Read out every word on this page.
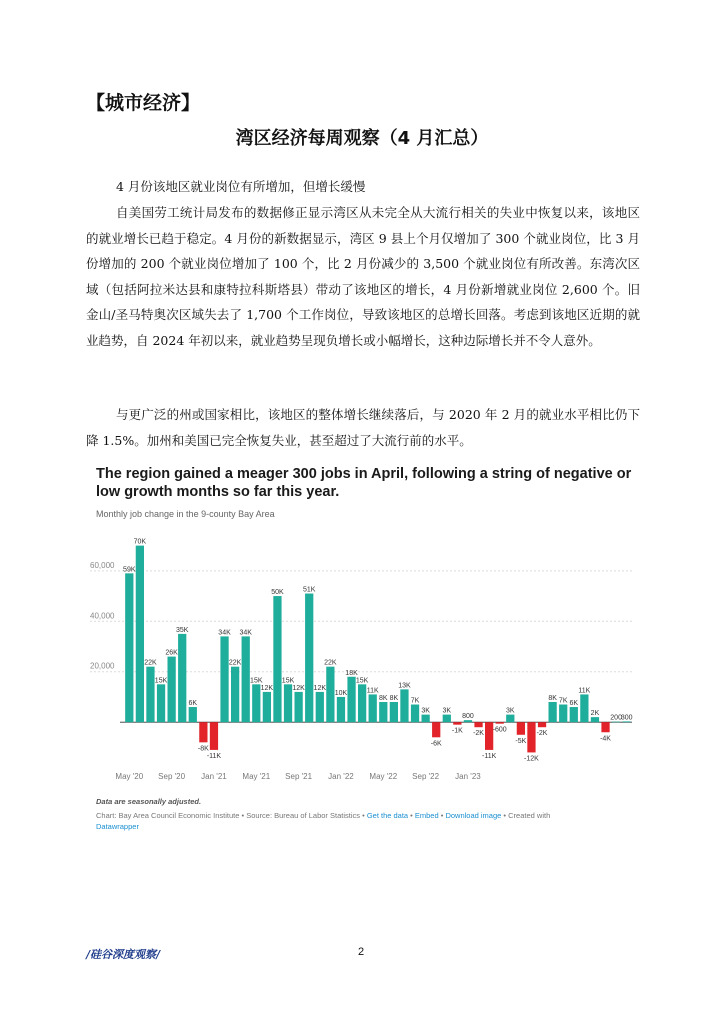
【城市经济】
湾区经济每周观察（4 月汇总）
4 月份该地区就业岗位有所增加，但增长缓慢
自美国劳工统计局发布的数据修正显示湾区从未完全从大流行相关的失业中恢复以来，该地区的就业增长已趋于稳定。4 月份的新数据显示，湾区 9 县上个月仅增加了 300 个就业岗位，比 3 月份增加的 200 个就业岗位增加了 100 个，比 2 月份减少的 3,500 个就业岗位有所改善。东湾次区域（包括阿拉米达县和康特拉科斯塔县）带动了该地区的增长，4 月份新增就业岗位 2,600 个。旧金山/圣马特奥次区域失去了 1,700 个工作岗位，导致该地区的总增长回落。考虑到该地区近期的就业趋势，自 2024 年初以来，就业趋势呈现负增长或小幅增长，这种边际增长并不令人意外。
与更广泛的州或国家相比，该地区的整体增长继续落后，与 2020 年 2 月的就业水平相比仍下降 1.5%。加州和美国已完全恢复失业，甚至超过了大流行前的水平。
The region gained a meager 300 jobs in April, following a string of negative or low growth months so far this year.
Monthly job change in the 9-county Bay Area
20,000
40,000
60,000
59K
70K
22K
15K
26K
35K
6K
-8K
-11K
34K
22K
34K
15K
12K
50K
15K
12K
51K
12K
22K
10K
18K
15K
11K
8K 8K
13K
7K
3K
-6K
3K
-1K
800
-2K
-11K
-600
3K
-5K
-12K
-2K
8K 7K 6K
11K
2K
-4K
200
300
May '20 Sep '20 Jan '21 May '21 Sep '21 Jan '22 May '22 Sep '22 Jan '23
Data are seasonally adjusted.
Chart: Bay Area Council Economic Institute • Source: Bureau of Labor Statistics • Get the data • Embed • Download image • Created with
Datawrapper
/硅谷深度观察/	2
